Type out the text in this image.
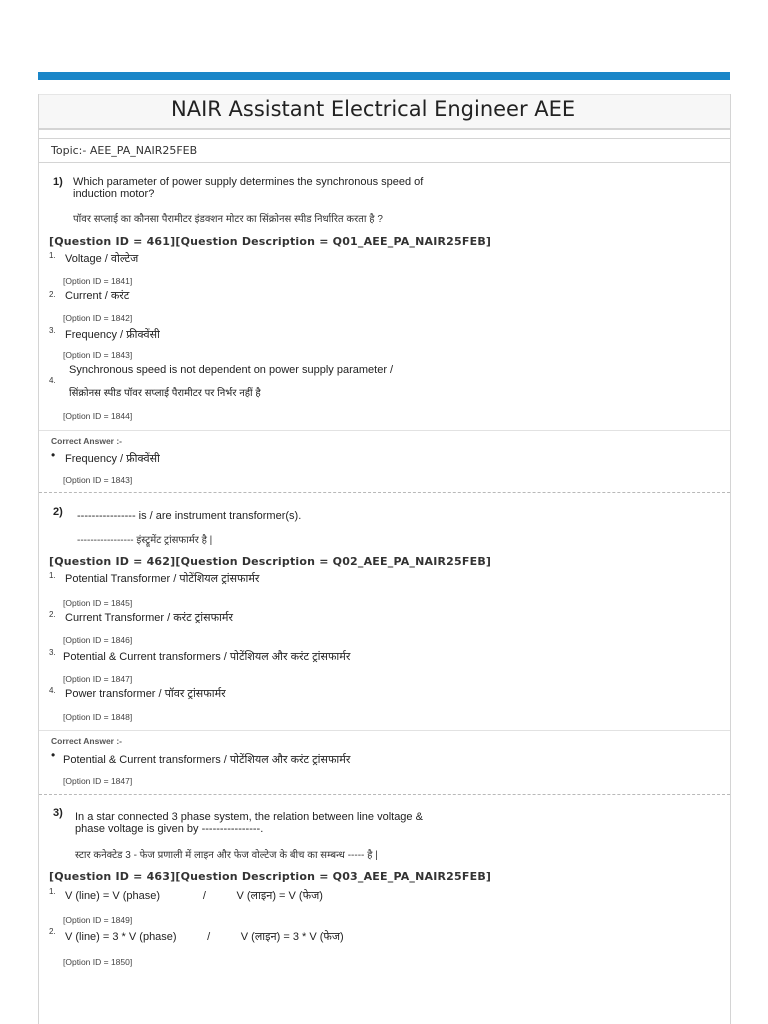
NAIR Assistant Electrical Engineer AEE
Topic:- AEE_PA_NAIR25FEB
1) Which parameter of power supply determines the synchronous speed of
induction motor?
पॉवर सप्लाई का कौनसा पैरामीटर इंडक्शन मोटर का सिंक्रोनस स्पीड निर्धारित करता है ?
[Question ID = 461][Question Description = Q01_AEE_PA_NAIR25FEB]
1. Voltage / वोल्टेज
[Option ID = 1841]
2. Current / करंट
[Option ID = 1842]
3. Frequency / फ्रीक्वेंसी
[Option ID = 1843]
Synchronous speed is not dependent on power supply parameter /
4.
सिंक्रोनस स्पीड पॉवर सप्लाई पैरामीटर पर निर्भर नहीं है
[Option ID = 1844]
Correct Answer :-
• Frequency / फ्रीक्वेंसी
[Option ID = 1843]
2) ---------------- is / are instrument transformer(s).
----------------- इंस्ट्रूमेंट ट्रांसफार्मर है |
[Question ID = 462][Question Description = Q02_AEE_PA_NAIR25FEB]
1. Potential Transformer / पोटेंशियल ट्रांसफार्मर
[Option ID = 1845]
2. Current Transformer / करंट ट्रांसफार्मर
[Option ID = 1846]
3. Potential & Current transformers / पोटेंशियल और करंट ट्रांसफार्मर
[Option ID = 1847]
4. Power transformer / पॉवर ट्रांसफार्मर
[Option ID = 1848]
Correct Answer :-
• Potential & Current transformers / पोटेंशियल और करंट ट्रांसफार्मर
[Option ID = 1847]
3) In a star connected 3 phase system, the relation between line voltage &
phase voltage is given by ----------------.
स्टार कनेक्टेड 3 - फेज प्रणाली में लाइन और फेज वोल्टेज के बीच का सम्बन्ध ----- है |
[Question ID = 463][Question Description = Q03_AEE_PA_NAIR25FEB]
1. V (line) = V (phase)              /          V (लाइन) = V (फेज)
[Option ID = 1849]
2. V (line) = 3 * V (phase)          /          V (लाइन) = 3 * V (फेज)
[Option ID = 1850]
